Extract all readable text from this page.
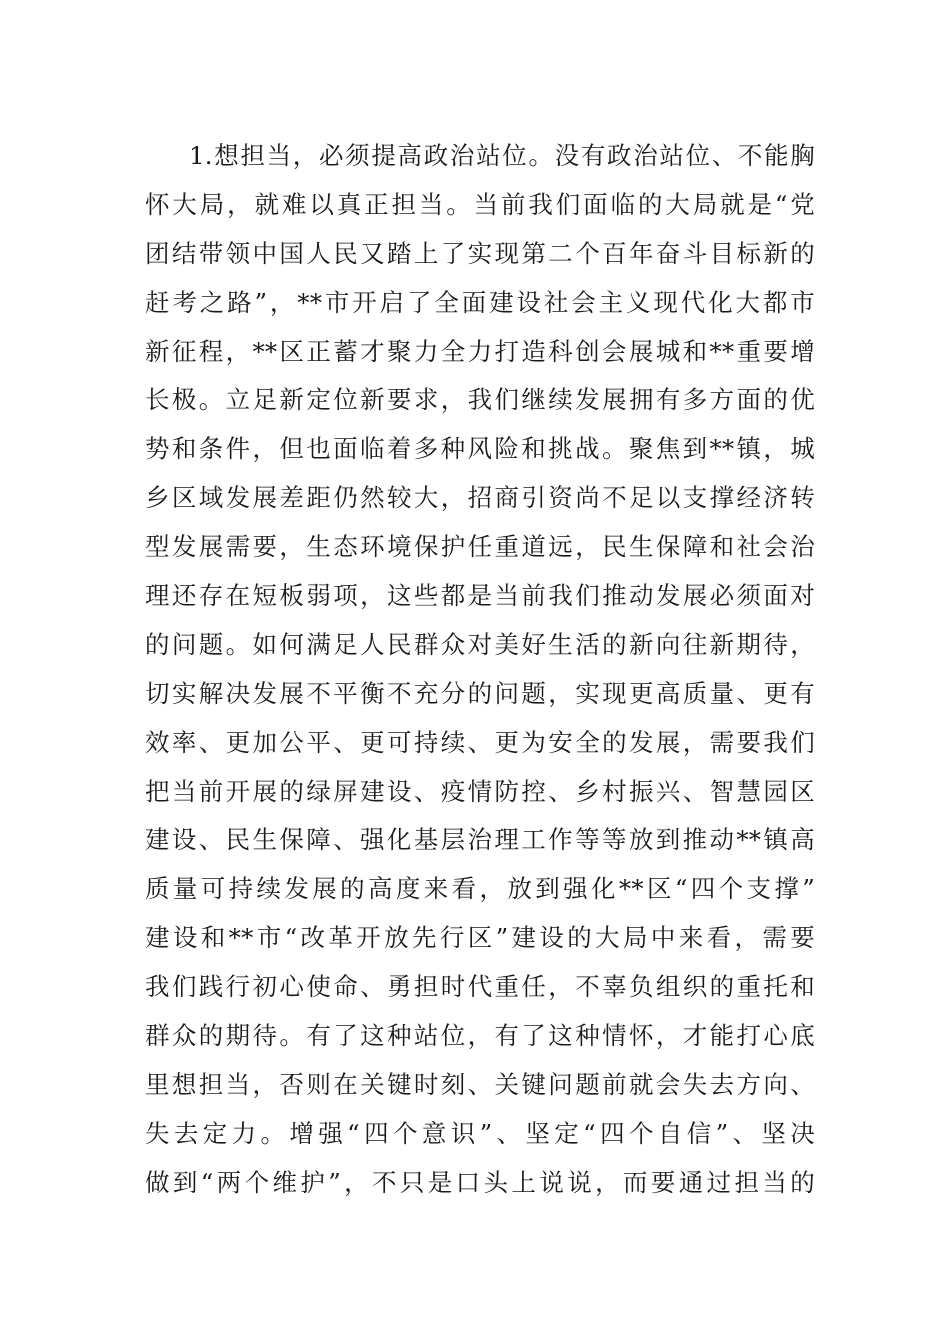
1.想担当，必须提高政治站位。没有政治站位、不能胸
怀大局，就难以真正担当。当前我们面临的大局就是“党
团结带领中国人民又踏上了实现第二个百年奋斗目标新的
赶考之路”，**市开启了全面建设社会主义现代化大都市
新征程，**区正蓄才聚力全力打造科创会展城和**重要增
长极。立足新定位新要求，我们继续发展拥有多方面的优
势和条件，但也面临着多种风险和挑战。聚焦到**镇，城
乡区域发展差距仍然较大，招商引资尚不足以支撑经济转
型发展需要，生态环境保护任重道远，民生保障和社会治
理还存在短板弱项，这些都是当前我们推动发展必须面对
的问题。如何满足人民群众对美好生活的新向往新期待，
切实解决发展不平衡不充分的问题，实现更高质量、更有
效率、更加公平、更可持续、更为安全的发展，需要我们
把当前开展的绿屏建设、疫情防控、乡村振兴、智慧园区
建设、民生保障、强化基层治理工作等等放到推动**镇高
质量可持续发展的高度来看，放到强化**区“四个支撑”
建设和**市“改革开放先行区”建设的大局中来看，需要
我们践行初心使命、勇担时代重任，不辜负组织的重托和
群众的期待。有了这种站位，有了这种情怀，才能打心底
里想担当，否则在关键时刻、关键问题前就会失去方向、
失去定力。增强“四个意识”、坚定“四个自信”、坚决
做到“两个维护”，不只是口头上说说，而要通过担当的
